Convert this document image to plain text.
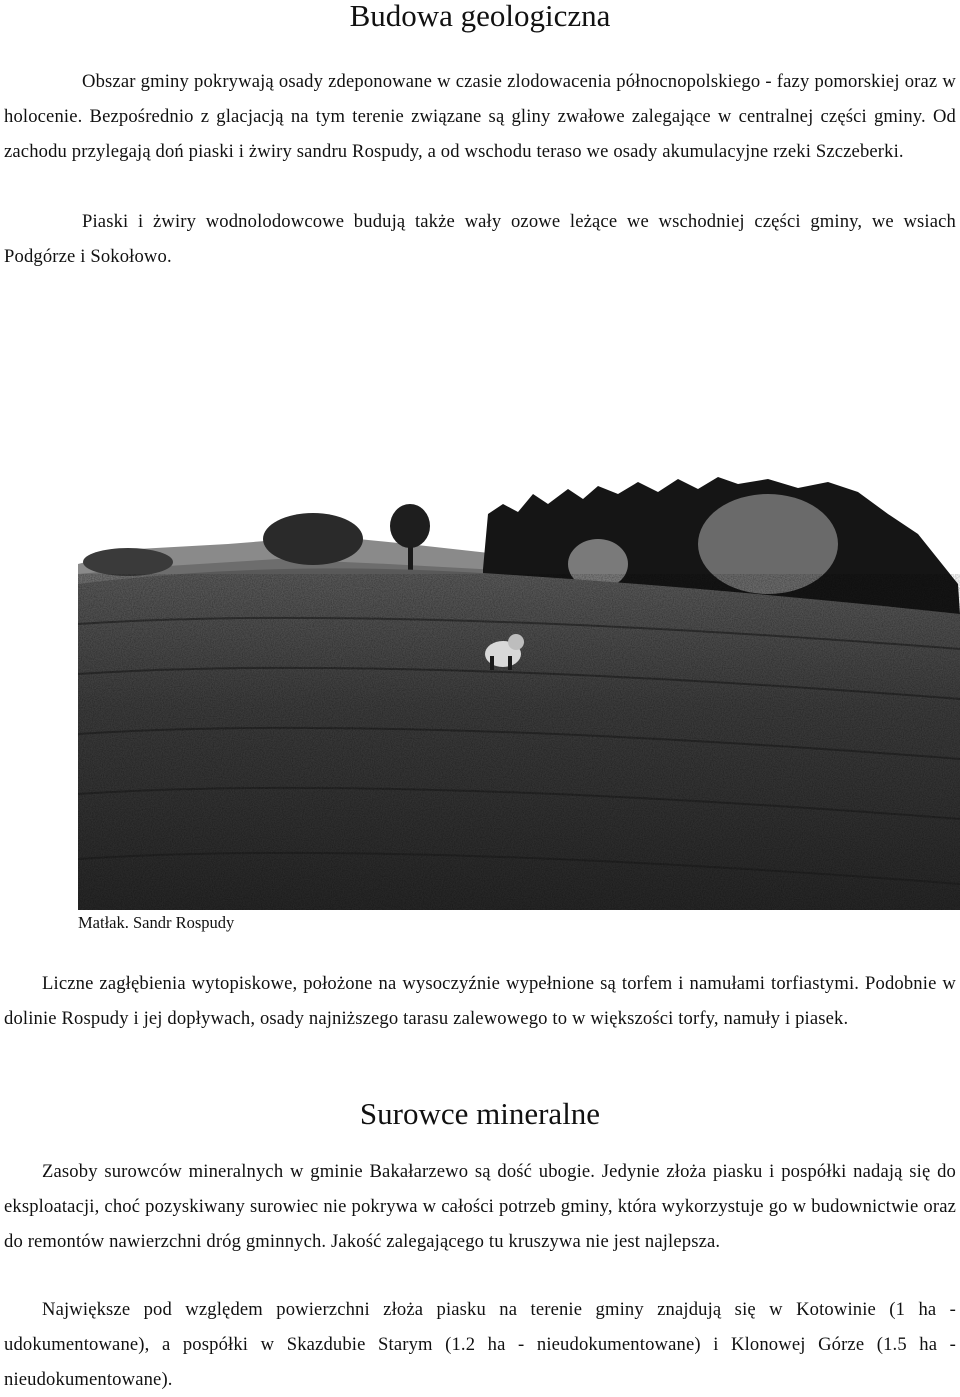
Budowa geologiczna

Obszar gminy pokrywają osady zdeponowane w czasie zlodowacenia północnopolskiego - fazy pomorskiej oraz w holocenie. Bezpośrednio z glacjacją na tym terenie związane są gliny zwałowe zalegające w centralnej części gminy. Od zachodu przylegają doń piaski i żwiry sandru Rospudy, a od wschodu teraso we osady akumulacyjne rzeki Szczeberki.

Piaski i żwiry wodnolodowcowe budują także wały ozowe leżące we wschodniej części gminy, we wsiach Podgórze i Sokołowo.

Matłak. Sandr Rospudy

Liczne zagłębienia wytopiskowe, położone na wysoczyźnie wypełnione są torfem i namułami torfiastymi. Podobnie w dolinie Rospudy i jej dopływach, osady najniższego tarasu zalewowego to w większości torfy, namuły i piasek.

Surowce mineralne

Zasoby surowców mineralnych w gminie Bakałarzewo są dość ubogie. Jedynie złoża piasku i pospółki nadają się do eksploatacji, choć pozyskiwany surowiec nie pokrywa w całości potrzeb gminy, która wykorzystuje go w budownictwie oraz do remontów nawierzchni dróg gminnych. Jakość zalegającego tu kruszywa nie jest najlepsza.

Największe pod względem powierzchni złoża piasku na terenie gminy znajdują się w Kotowinie (1 ha - udokumentowane), a pospółki w Skazdubie Starym (1.2 ha - nieudokumentowane) i Klonowej Górze (1.5 ha - nieudokumentowane).
